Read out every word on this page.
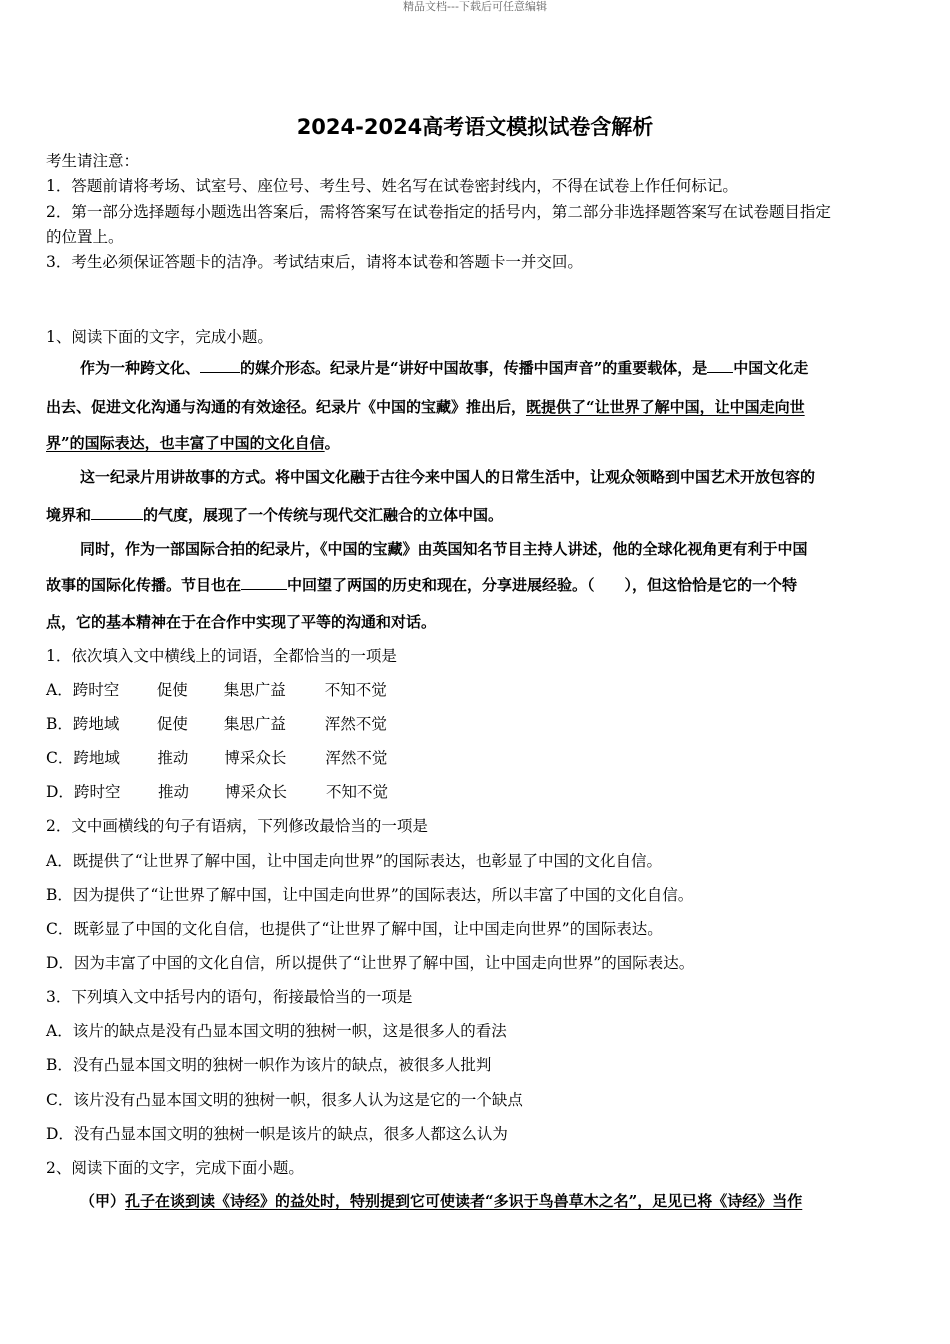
精品文档---下载后可任意编辑
2024-2024高考语文模拟试卷含解析
考生请注意：
1．答题前请将考场、试室号、座位号、考生号、姓名写在试卷密封线内，不得在试卷上作任何标记。
2．第一部分选择题每小题选出答案后，需将答案写在试卷指定的括号内，第二部分非选择题答案写在试卷题目指定
的位置上。
3．考生必须保证答题卡的洁净。考试结束后，请将本试卷和答题卡一并交回。
1、阅读下面的文字，完成小题。
作为一种跨文化、	的媒介形态。纪录片是“讲好中国故事，传播中国声音”的重要载体，是 中国文化走
出去、促进文化沟通与沟通的有效途径。纪录片《中国的宝藏》推出后，既提供了“让世界了解中国，让中国走向世
界”的国际表达，也丰富了中国的文化自信。
这一纪录片用讲故事的方式。将中国文化融于古往今来中国人的日常生活中，让观众领略到中国艺术开放包容的
境界和	的气度，展现了一个传统与现代交汇融合的立体中国。
同时，作为一部国际合拍的纪录片，《中国的宝藏》由英国知名节目主持人讲述，他的全球化视角更有利于中国
故事的国际化传播。节目也在	中回望了两国的历史和现在，分享进展经验。（　　），但这恰恰是它的一个特
点，它的基本精神在于在合作中实现了平等的沟通和对话。
1．依次填入文中横线上的词语，全都恰当的一项是
A．跨时空 促使 集思广益	不知不觉
B．跨地域 促使 集思广益	浑然不觉
C．跨地域 推动 博采众长	浑然不觉
D．跨时空 推动 博采众长	不知不觉
2．文中画横线的句子有语病，下列修改最恰当的一项是
A．既提供了“让世界了解中国，让中国走向世界”的国际表达，也彰显了中国的文化自信。
B．因为提供了“让世界了解中国，让中国走向世界”的国际表达，所以丰富了中国的文化自信。
C．既彰显了中国的文化自信，也提供了“让世界了解中国，让中国走向世界”的国际表达。
D．因为丰富了中国的文化自信，所以提供了“让世界了解中国，让中国走向世界”的国际表达。
3．下列填入文中括号内的语句，衔接最恰当的一项是
A．该片的缺点是没有凸显本国文明的独树一帜，这是很多人的看法
B．没有凸显本国文明的独树一帜作为该片的缺点，被很多人批判
C．该片没有凸显本国文明的独树一帜，很多人认为这是它的一个缺点
D．没有凸显本国文明的独树一帜是该片的缺点，很多人都这么认为
2、阅读下面的文字，完成下面小题。
（甲）孔子在谈到读《诗经》的益处时，特别提到它可使读者“多识于鸟兽草木之名”，足见已将《诗经》当作
